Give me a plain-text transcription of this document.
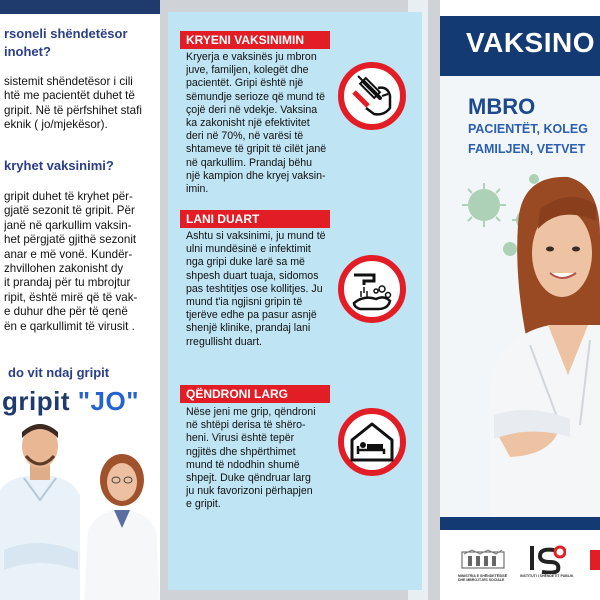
rsoneli shëndetësor
inohet?
sistemit shëndetësor i cili
htë me pacientët duhet të
gripit. Në të përfshihet stafi
eknik ( jo/mjekësor).
kryhet vaksinimi?
gripit duhet të kryhet për-
gjatë sezonit të gripit. Për
janë në qarkullim vaksin-
het përgjatë gjithë sezonit
anar e më vonë. Kundër-
zhvillohen zakonisht dy
it prandaj për tu mbrojtur
ripit, është mirë që të vak-
e duhur dhe për të qenë
ën e qarkullimit të virusit .
do vit ndaj gripit
gripit "JO"
KRYENI VAKSINIMIN
Kryerja e vaksinës ju mbron
juve, familjen, kolegët dhe
pacientët. Gripi është një
sëmundje serioze që mund të
çojë deri në vdekje. Vaksina
ka zakonisht një efektivitet
deri në 70%, në varësi të
shtameve të gripit të cilët janë
në qarkullim. Prandaj bëhu
një kampion dhe kryej vaksin-
imin.
LANI DUART
Ashtu si vaksinimi, ju mund të
ulni mundësinë e infektimit
nga gripi duke larë sa më
shpesh duart tuaja, sidomos
pas teshtitjes ose kollitjes. Ju
mund t'ia ngjisni gripin të
tjerëve edhe pa pasur asnjë
shenjë klinike, prandaj lani
rregullisht duart.
QËNDRONI LARG
Nëse jeni me grip, qëndroni
në shtëpi derisa të shëro-
heni. Virusi është tepër
ngjitës dhe shpërthimet
mund të ndodhin shumë
shpejt. Duke qëndruar larg
ju nuk favorizoni përhapjen
e gripit.
VAKSINO
MBRO
PACIENTËT, KOLEG
FAMILJEN, VETVET
MINISTRIA E SHËNDETËSISË DHE MBROJTJES SOCIALE
INSTITUTI I SHËNDETIT PUBLIK
